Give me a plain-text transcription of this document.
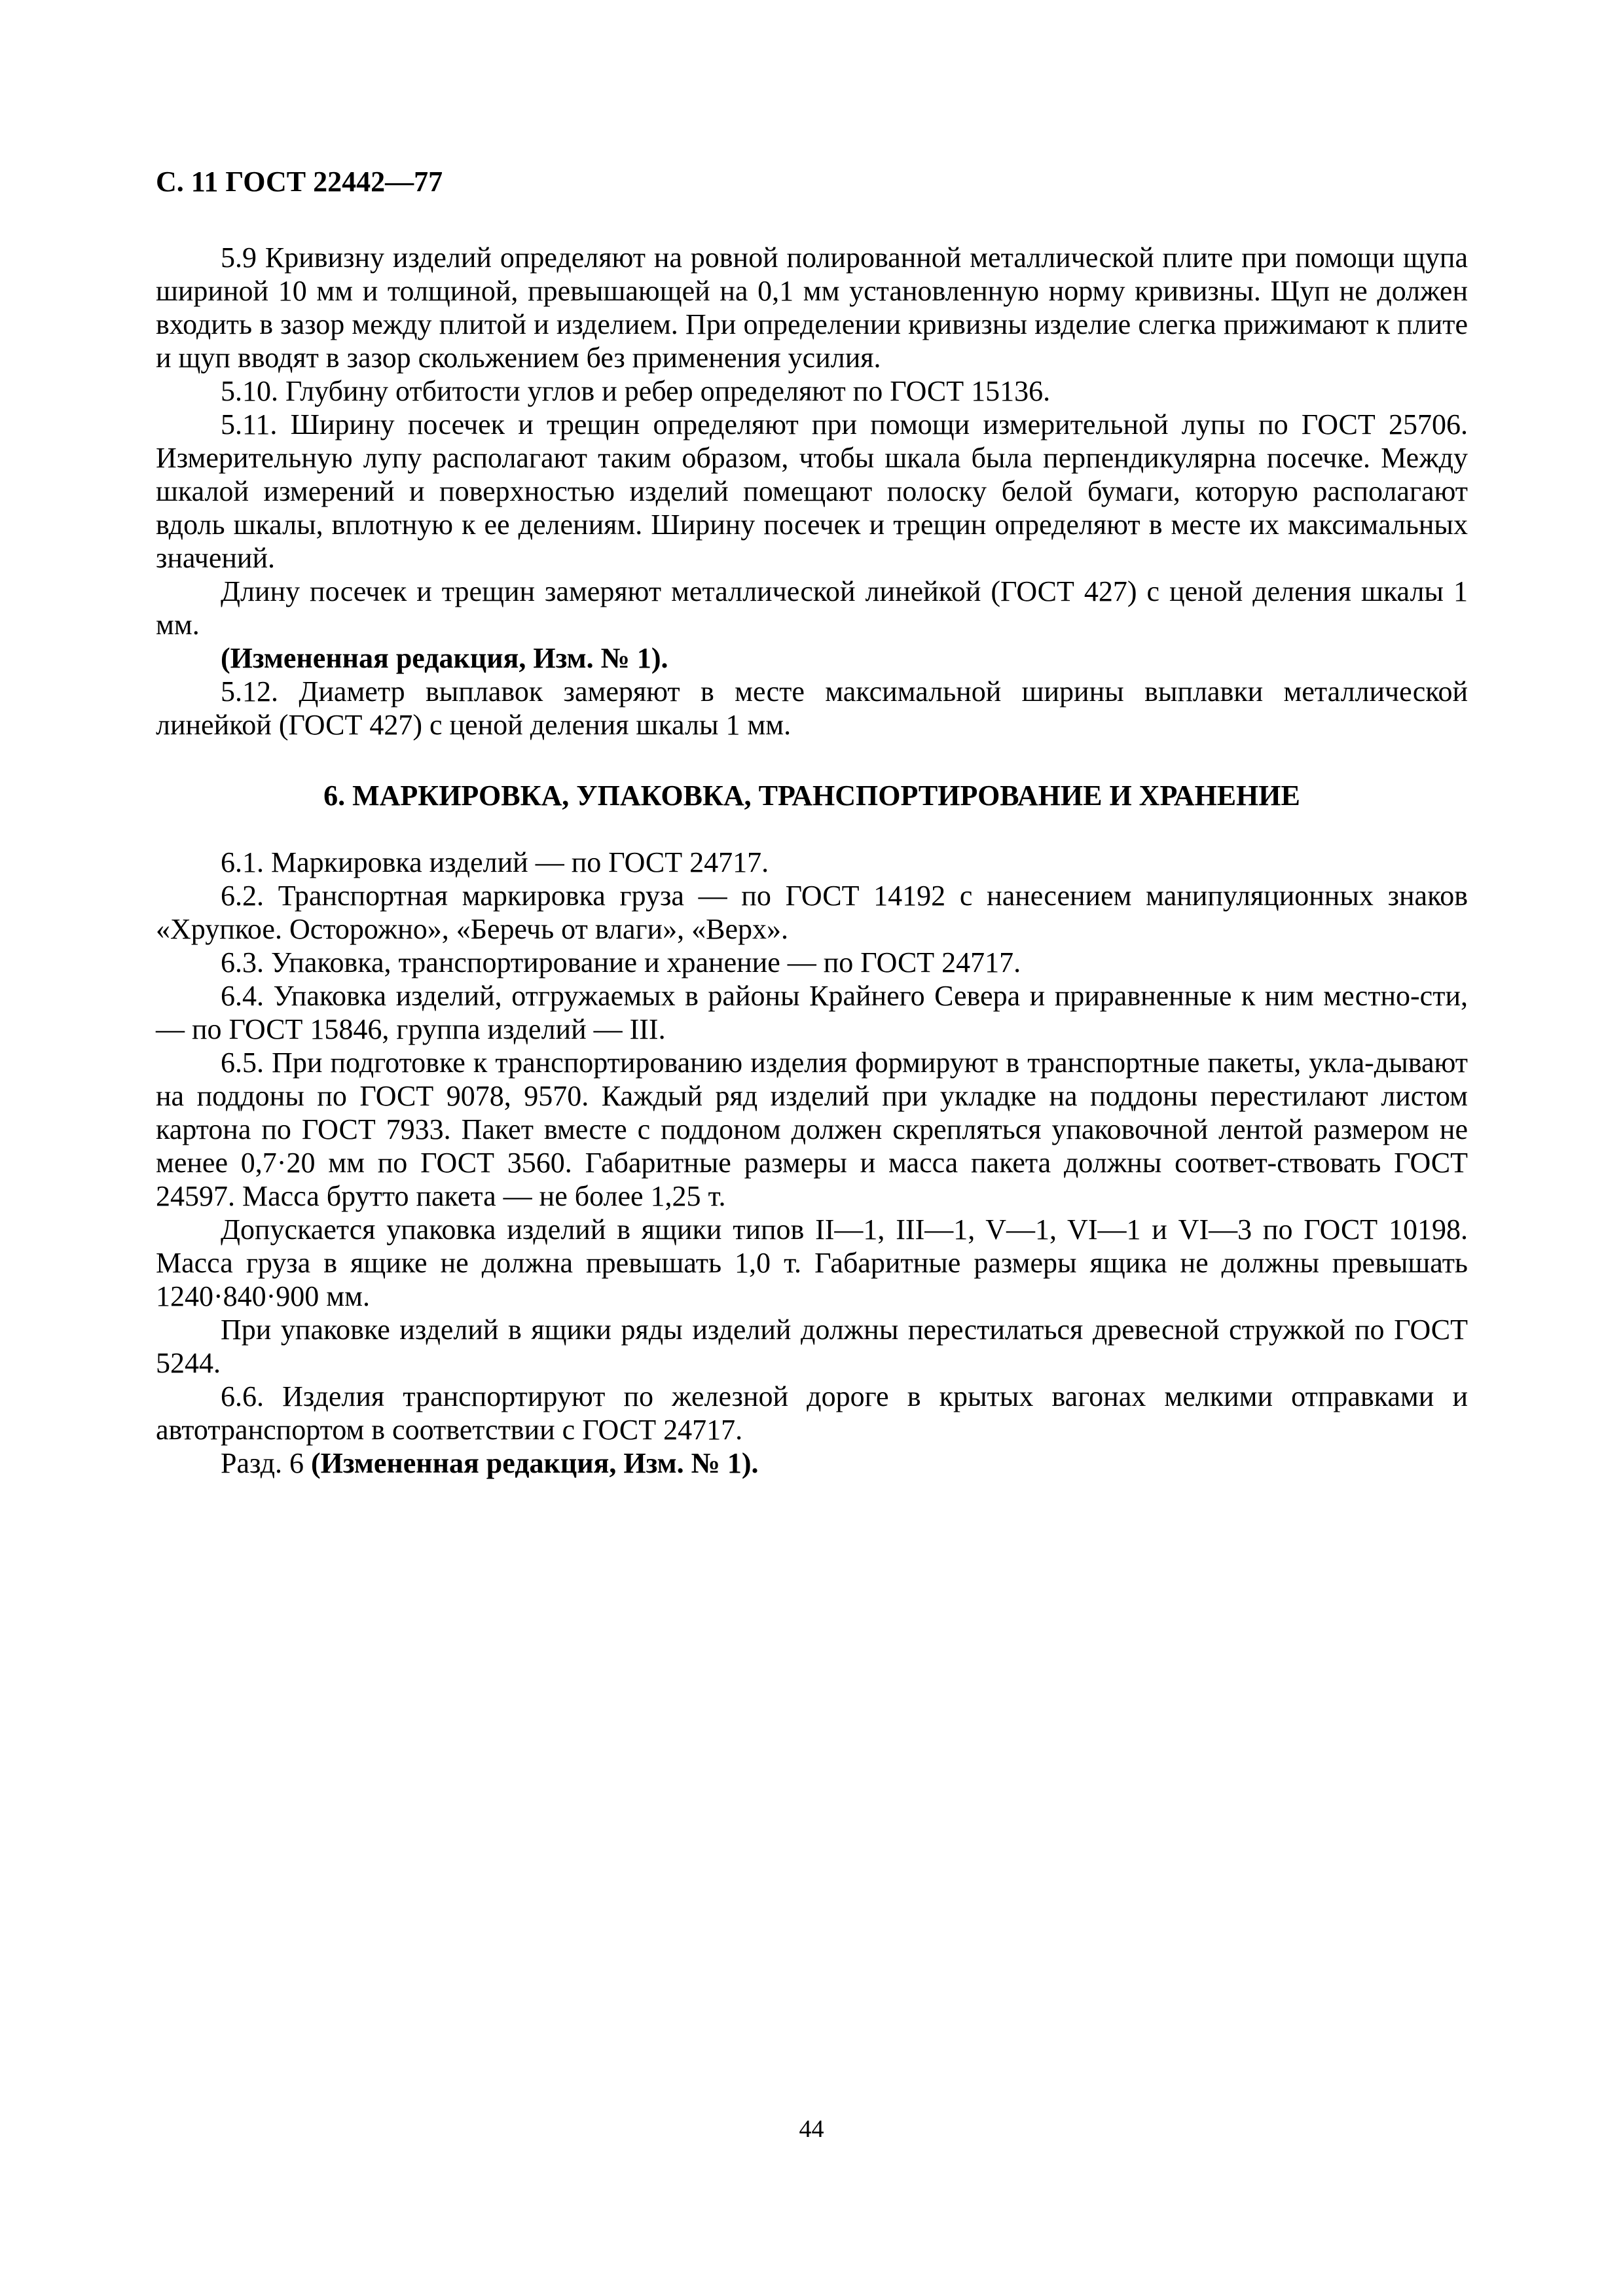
С. 11 ГОСТ 22442—77

5.9 Кривизну изделий определяют на ровной полированной металлической плите при помощи щупа шириной 10 мм и толщиной, превышающей на 0,1 мм установленную норму кривизны. Щуп не должен входить в зазор между плитой и изделием. При определении кривизны изделие слегка прижимают к плите и щуп вводят в зазор скольжением без применения усилия.

5.10. Глубину отбитости углов и ребер определяют по ГОСТ 15136.

5.11. Ширину посечек и трещин определяют при помощи измерительной лупы по ГОСТ 25706. Измерительную лупу располагают таким образом, чтобы шкала была перпендикулярна посечке. Между шкалой измерений и поверхностью изделий помещают полоску белой бумаги, которую располагают вдоль шкалы, вплотную к ее делениям. Ширину посечек и трещин определяют в месте их максимальных значений.

Длину посечек и трещин замеряют металлической линейкой (ГОСТ 427) с ценой деления шкалы 1 мм.

(Измененная редакция, Изм. № 1).

5.12. Диаметр выплавок замеряют в месте максимальной ширины выплавки металлической линейкой (ГОСТ 427) с ценой деления шкалы 1 мм.

6. МАРКИРОВКА, УПАКОВКА, ТРАНСПОРТИРОВАНИЕ И ХРАНЕНИЕ

6.1. Маркировка изделий — по ГОСТ 24717.

6.2. Транспортная маркировка груза — по ГОСТ 14192 с нанесением манипуляционных знаков «Хрупкое. Осторожно», «Беречь от влаги», «Верх».

6.3. Упаковка, транспортирование и хранение — по ГОСТ 24717.

6.4. Упаковка изделий, отгружаемых в районы Крайнего Севера и приравненные к ним местно-сти, — по ГОСТ 15846, группа изделий — III.

6.5. При подготовке к транспортированию изделия формируют в транспортные пакеты, укла-дывают на поддоны по ГОСТ 9078, 9570. Каждый ряд изделий при укладке на поддоны перестилают листом картона по ГОСТ 7933. Пакет вместе с поддоном должен скрепляться упаковочной лентой размером не менее 0,7·20 мм по ГОСТ 3560. Габаритные размеры и масса пакета должны соответ-ствовать ГОСТ 24597. Масса брутто пакета — не более 1,25 т.

Допускается упаковка изделий в ящики типов II—1, III—1, V—1, VI—1 и VI—3 по ГОСТ 10198. Масса груза в ящике не должна превышать 1,0 т. Габаритные размеры ящика не должны превышать 1240·840·900 мм.

При упаковке изделий в ящики ряды изделий должны перестилаться древесной стружкой по ГОСТ 5244.

6.6. Изделия транспортируют по железной дороге в крытых вагонах мелкими отправками и автотранспортом в соответствии с ГОСТ 24717.

Разд. 6 (Измененная редакция, Изм. № 1).

44
